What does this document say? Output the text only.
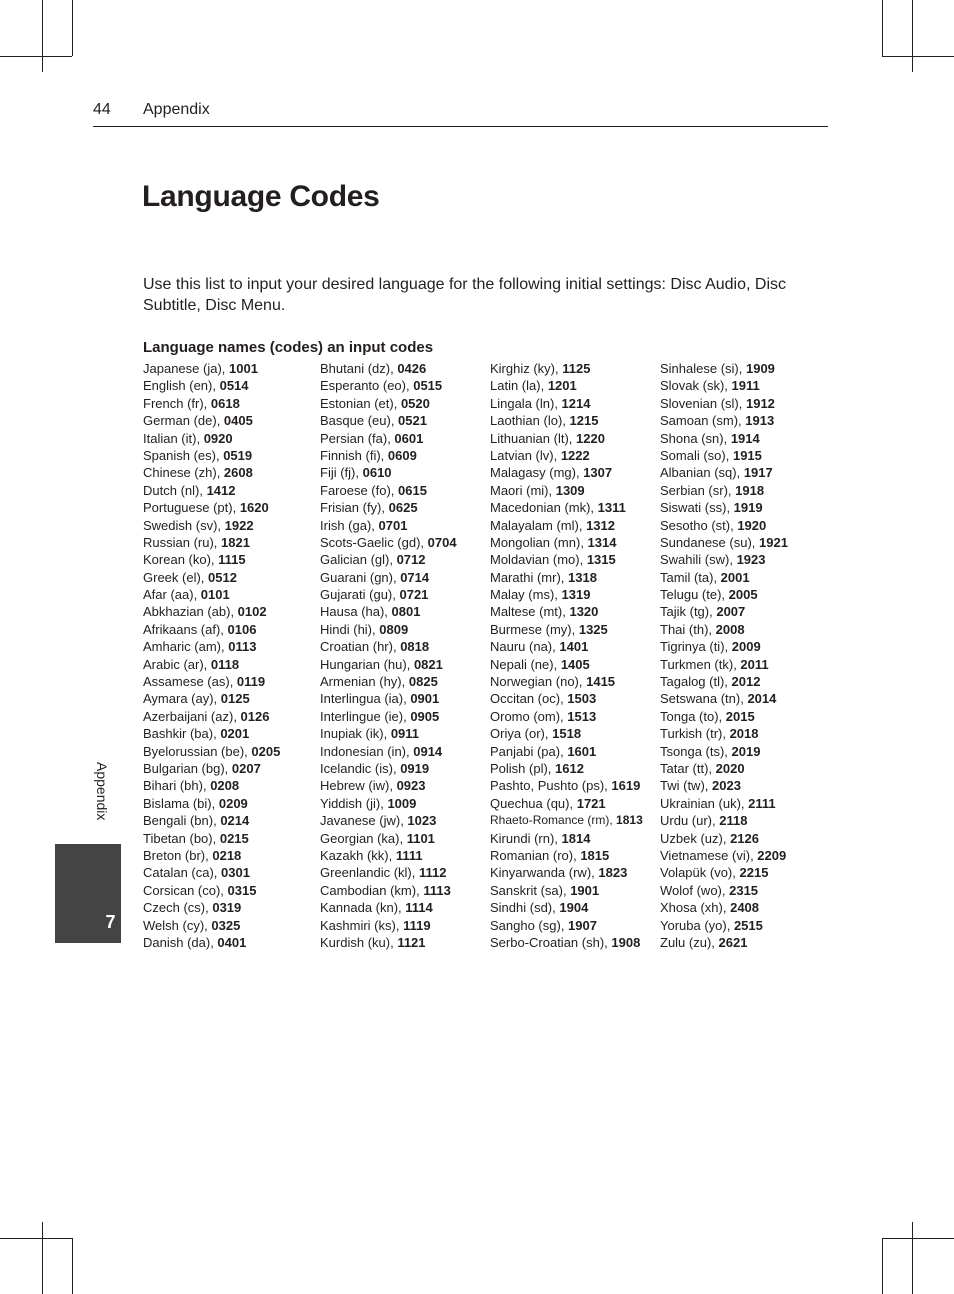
44 Appendix
Language Codes
Use this list to input your desired language for the following initial settings: Disc Audio, Disc Subtitle, Disc Menu.
Language names (codes) an input codes
Japanese (ja), 1001
English (en), 0514
French (fr), 0618
German (de), 0405
Italian (it), 0920
Spanish (es), 0519
Chinese (zh), 2608
Dutch (nl), 1412
Portuguese (pt), 1620
Swedish (sv), 1922
Russian (ru), 1821
Korean (ko), 1115
Greek (el), 0512
Afar (aa), 0101
Abkhazian (ab), 0102
Afrikaans (af), 0106
Amharic (am), 0113
Arabic (ar), 0118
Assamese (as), 0119
Aymara (ay), 0125
Azerbaijani (az), 0126
Bashkir (ba), 0201
Byelorussian (be), 0205
Bulgarian (bg), 0207
Bihari (bh), 0208
Bislama (bi), 0209
Bengali (bn), 0214
Tibetan (bo), 0215
Breton (br), 0218
Catalan (ca), 0301
Corsican (co), 0315
Czech (cs), 0319
Welsh (cy), 0325
Danish (da), 0401
Bhutani (dz), 0426
Esperanto (eo), 0515
Estonian (et), 0520
Basque (eu), 0521
Persian (fa), 0601
Finnish (fi), 0609
Fiji (fj), 0610
Faroese (fo), 0615
Frisian (fy), 0625
Irish (ga), 0701
Scots-Gaelic (gd), 0704
Galician (gl), 0712
Guarani (gn), 0714
Gujarati (gu), 0721
Hausa (ha), 0801
Hindi (hi), 0809
Croatian (hr), 0818
Hungarian (hu), 0821
Armenian (hy), 0825
Interlingua (ia), 0901
Interlingue (ie), 0905
Inupiak (ik), 0911
Indonesian (in), 0914
Icelandic (is), 0919
Hebrew (iw), 0923
Yiddish (ji), 1009
Javanese (jw), 1023
Georgian (ka), 1101
Kazakh (kk), 1111
Greenlandic (kl), 1112
Cambodian (km), 1113
Kannada (kn), 1114
Kashmiri (ks), 1119
Kurdish (ku), 1121
Kirghiz (ky), 1125
Latin (la), 1201
Lingala (ln), 1214
Laothian (lo), 1215
Lithuanian (lt), 1220
Latvian (lv), 1222
Malagasy (mg), 1307
Maori (mi), 1309
Macedonian (mk), 1311
Malayalam (ml), 1312
Mongolian (mn), 1314
Moldavian (mo), 1315
Marathi (mr), 1318
Malay (ms), 1319
Maltese (mt), 1320
Burmese (my), 1325
Nauru (na), 1401
Nepali (ne), 1405
Norwegian (no), 1415
Occitan (oc), 1503
Oromo (om), 1513
Oriya (or), 1518
Panjabi (pa), 1601
Polish (pl), 1612
Pashto, Pushto (ps), 1619
Quechua (qu), 1721
Rhaeto-Romance (rm), 1813
Kirundi (rn), 1814
Romanian (ro), 1815
Kinyarwanda (rw), 1823
Sanskrit (sa), 1901
Sindhi (sd), 1904
Sangho (sg), 1907
Serbo-Croatian (sh), 1908
Sinhalese (si), 1909
Slovak (sk), 1911
Slovenian (sl), 1912
Samoan (sm), 1913
Shona (sn), 1914
Somali (so), 1915
Albanian (sq), 1917
Serbian (sr), 1918
Siswati (ss), 1919
Sesotho (st), 1920
Sundanese (su), 1921
Swahili (sw), 1923
Tamil (ta), 2001
Telugu (te), 2005
Tajik (tg), 2007
Thai (th), 2008
Tigrinya (ti), 2009
Turkmen (tk), 2011
Tagalog (tl), 2012
Setswana (tn), 2014
Tonga (to), 2015
Turkish (tr), 2018
Tsonga (ts), 2019
Tatar (tt), 2020
Twi (tw), 2023
Ukrainian (uk), 2111
Urdu (ur), 2118
Uzbek (uz), 2126
Vietnamese (vi), 2209
Volapük (vo), 2215
Wolof (wo), 2315
Xhosa (xh), 2408
Yoruba (yo), 2515
Zulu (zu), 2621
Appendix
7
